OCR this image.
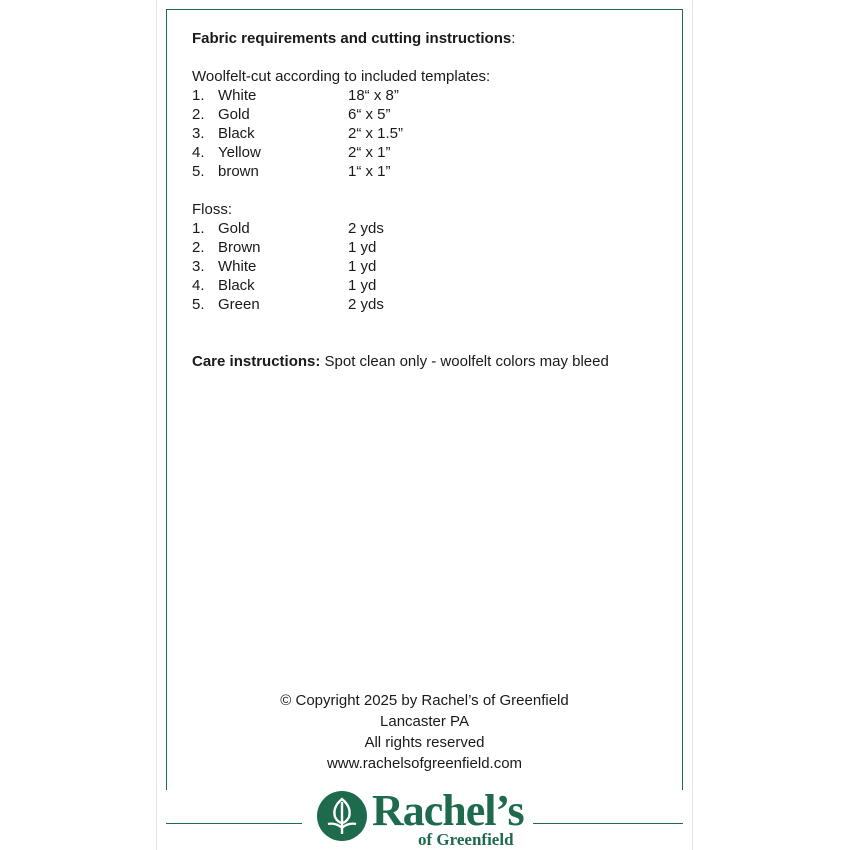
Fabric requirements and cutting instructions:

Woolfelt-cut according to included templates:

1. White	18“ x 8”
2. Gold	6“ x 5”
3. Black	2“ x 1.5”
4. Yellow	2“ x 1”
5. brown	1“ x 1”

Floss:

1. Gold	2 yds
2. Brown	1 yd
3. White	1 yd
4. Black	1 yd
5. Green	2 yds

Care instructions: Spot clean only - woolfelt colors may bleed

© Copyright 2025 by Rachel’s of Greenfield
Lancaster PA
All rights reserved
www.rachelsofgreenfield.com
Rachel’s
of Greenfield
